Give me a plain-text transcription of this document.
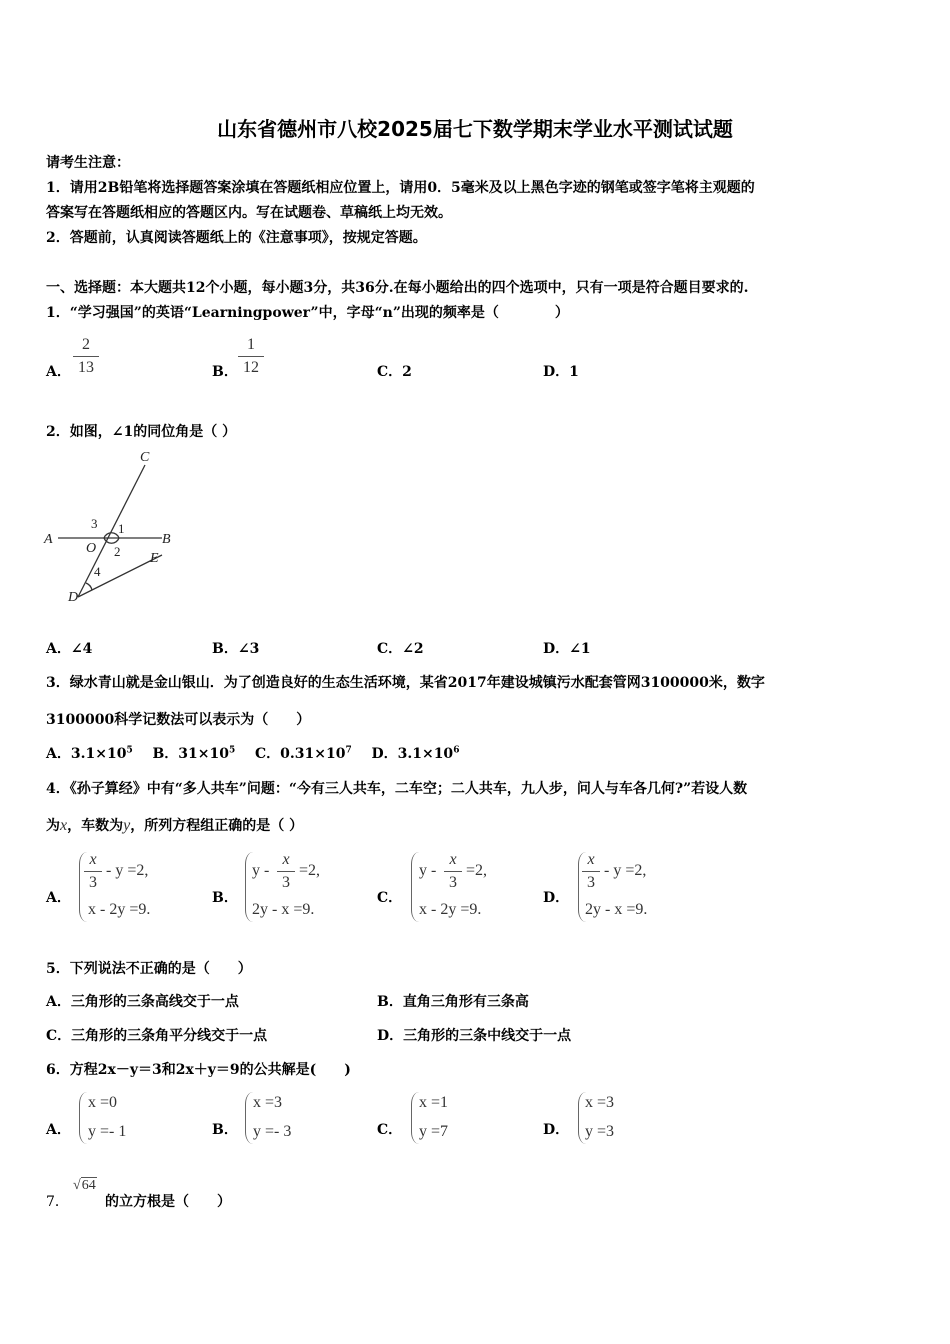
山东省德州市八校2025届七下数学期末学业水平测试试题
请考生注意：
1．请用2B铅笔将选择题答案涂填在答题纸相应位置上，请用0．5毫米及以上黑色字迹的钢笔或签字笔将主观题的
答案写在答题纸相应的答题区内。写在试题卷、草稿纸上均无效。
2．答题前，认真阅读答题纸上的《注意事项》，按规定答题。
一、选择题：本大题共12个小题，每小题3分，共36分.在每小题给出的四个选项中，只有一项是符合题目要求的.
1．“学习强国”的英语“Learningpower”中，字母“n”出现的频率是（　　　　）
A．
2
13	B．
1
12	C．2	D．1
2．如图，∠1的同位角是（ ）
C
A	B
O
E
D
1
2
3
4
A．∠4	B．∠3	C．∠2	D．∠1
3．绿水青山就是金山银山．为了创造良好的生态生活环境，某省2017年建设城镇污水配套管网3100000米，数字
3100000科学记数法可以表示为（　　）
A．$3.1\times 10^5$ B．$31\times 10^5$ C．$0.31\times 10^7$ D．$3.1\times 10^6$
4．《孙子算经》中有“多人共车”问题：“今有三人共车，二车空；二人共车，九人步，问人与车各几何?”若设人数
为x，车数为y，所列方程组正确的是（ ）
A．
x
3
- y =2,
x - 2y =9.
B．
y -
x
3
=2,
2y - x =9.
C．
y -
x
3
=2,
x - 2y =9.
D．
x
3
- y =2,
2y - x =9.
5．下列说法不正确的是（　　）
A．三角形的三条高线交于一点	B．直角三角形有三条高
C．三角形的三条角平分线交于一点	D．三角形的三条中线交于一点
6．方程2x－y＝3和2x＋y＝9的公共解是(　　)
A．
x =0
y =- 1	B．
x =3
y =- 3	C．
x =1
y =7	D．
x =3
y =3
7．
√64
的立方根是（　　）
